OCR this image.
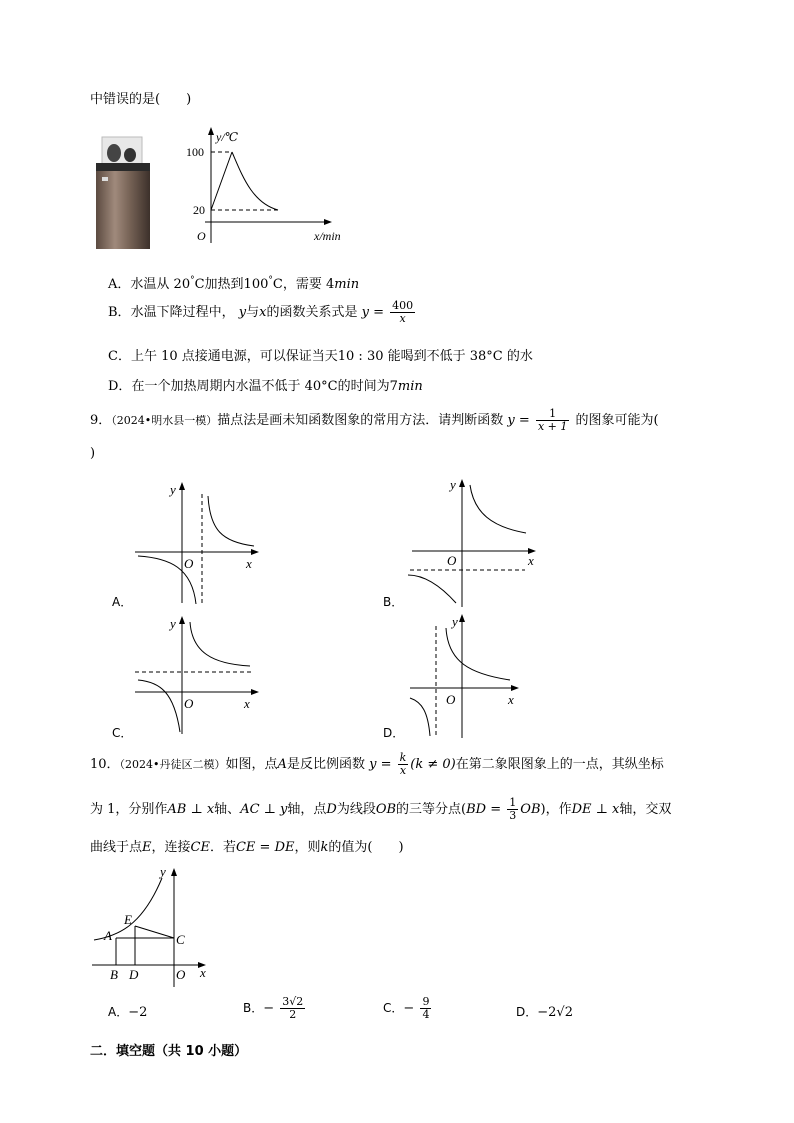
中错误的是(　　)
y/℃
100
20
O	x/min
A．水温从 20°C加热到100°C，需要 4min
B．水温下降过程中， y与x的函数关系式是 $y = \frac{400}{x}$
C．上午 10 点接通电源，可以保证当天10 : 30 能喝到不低于 38°C 的水
D．在一个加热周期内水温不低于 40°C的时间为7min
9．（2024•明水县一模）描点法是画未知函数图象的常用方法．请判断函数 $y = \frac{1}{x + 1}$ 的图象可能为(
)
y
x
O
A．
y
x
O
B．
y
x
O
C．
y
x
O
D．
10．（2024•丹徒区二模）如图，点A是反比例函数 $y = \frac{k}{x} (k \ne 0)$在第二象限图象上的一点，其纵坐标
为 1，分别作AB ⊥ x轴、AC ⊥ y轴，点D为线段OB的三等分点$(BD = \frac{1}{3} OB)$，作DE ⊥ x轴，交双
曲线于点E，连接CE．若CE = DE，则k的值为(　　)
y
E
A	C
B D	O x
A．−2	B．− $\frac{3√2}{2}$	C．− $\frac{9}{4}$	D．−2√2
二．填空题（共 10 小题）
